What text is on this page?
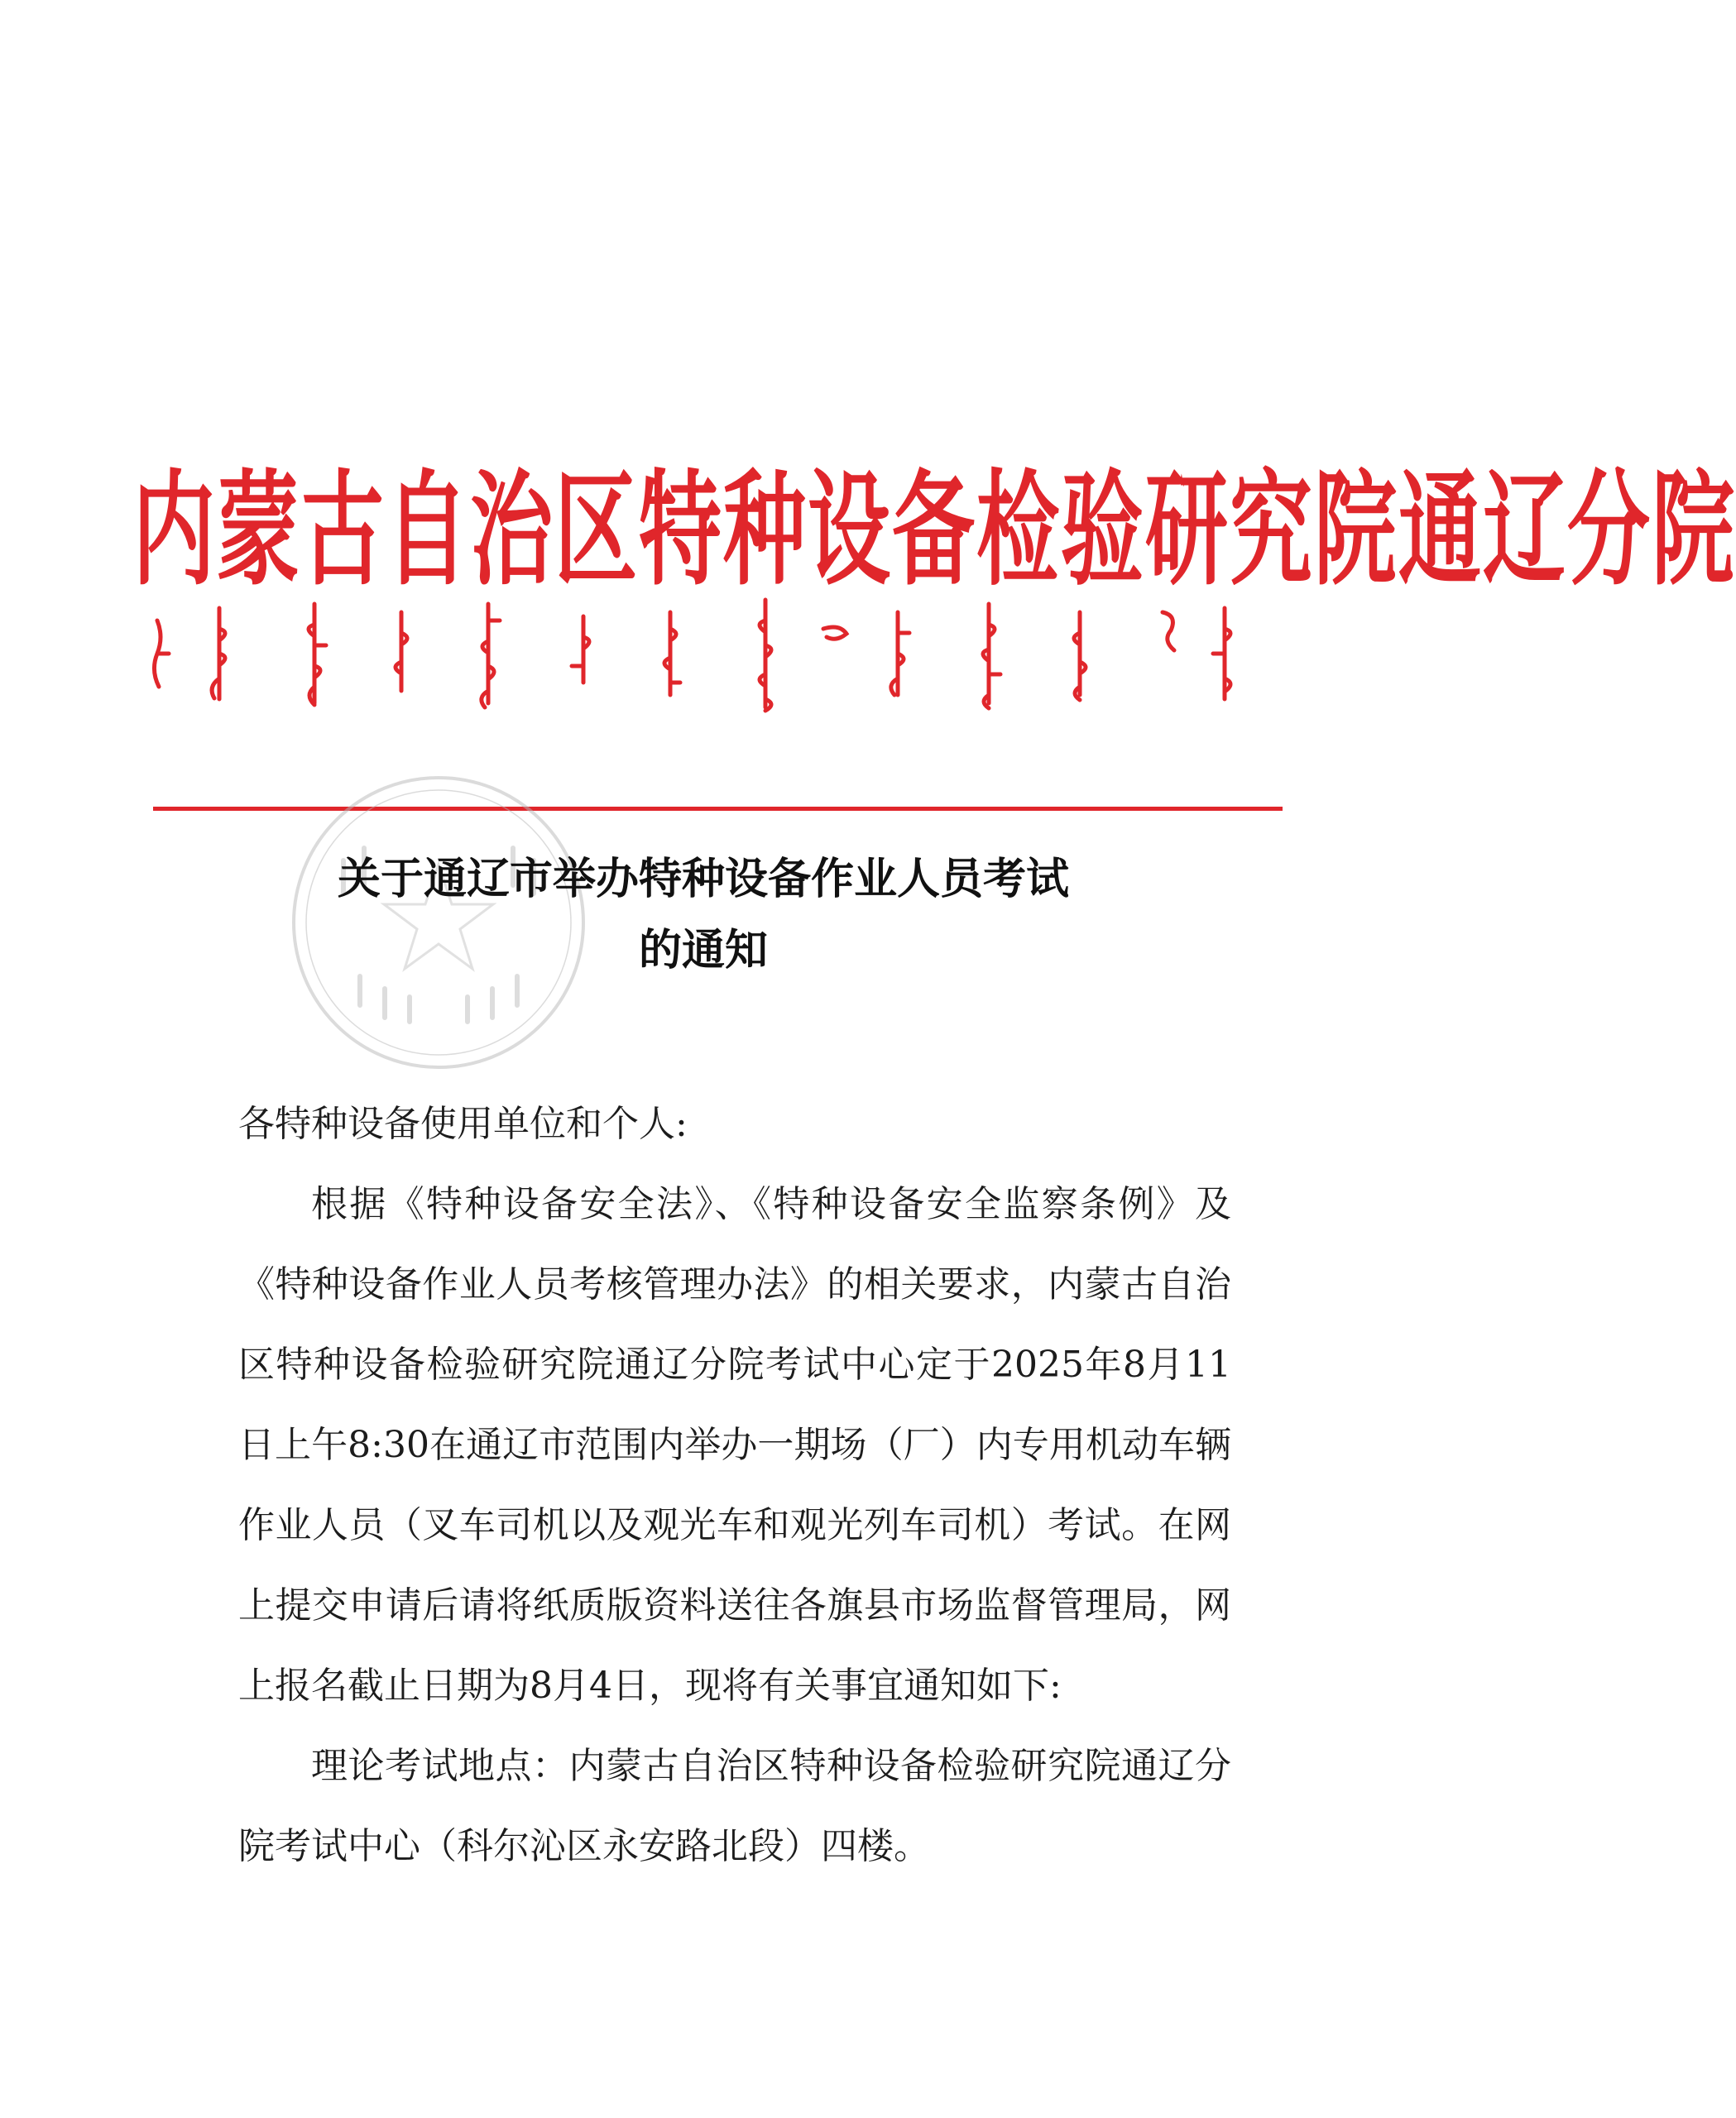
内蒙古自治区特种设备检验研究院通辽分院
关于通辽市举办特种设备作业人员考试
的通知

各特种设备使用单位和个人:

根据《特种设备安全法》、《特种设备安全监察条例》及《特种设备作业人员考核管理办法》的相关要求，内蒙古自治区特种设备检验研究院通辽分院考试中心定于2025年8月11日上午8:30在通辽市范围内举办一期场（厂）内专用机动车辆作业人员（叉车司机以及观光车和观光列车司机）考试。在网上提交申请后请将纸质版资料送往各旗县市场监督管理局，网上报名截止日期为8月4日，现将有关事宜通知如下:

理论考试地点：内蒙古自治区特种设备检验研究院通辽分院考试中心（科尔沁区永安路北段）四楼。
